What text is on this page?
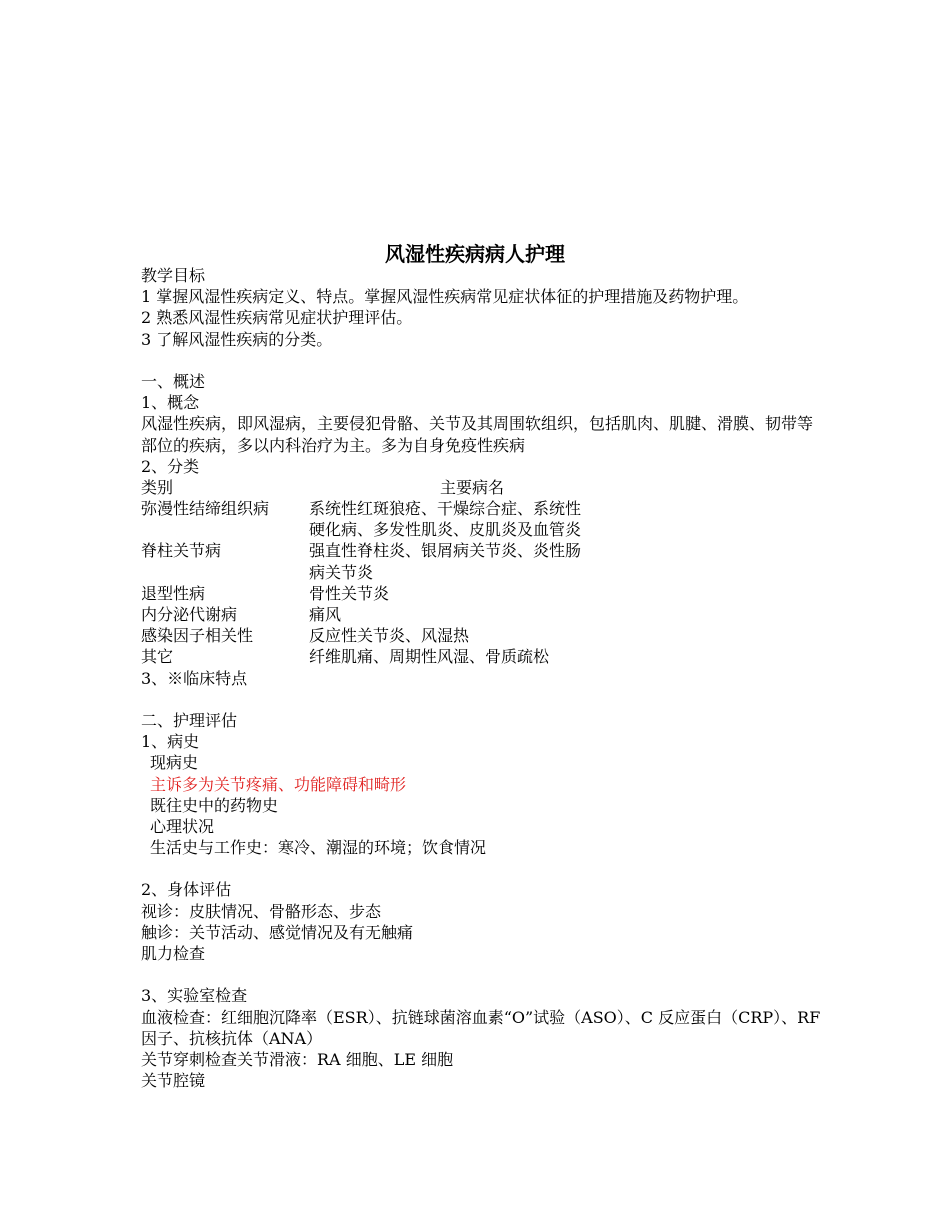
风湿性疾病病人护理
教学目标
1 掌握风湿性疾病定义、特点。掌握风湿性疾病常见症状体征的护理措施及药物护理。
2 熟悉风湿性疾病常见症状护理评估。
3 了解风湿性疾病的分类。
一、概述
1、概念
风湿性疾病，即风湿病，主要侵犯骨骼、关节及其周围软组织，包括肌肉、肌腱、滑膜、韧带等部位的疾病，多以内科治疗为主。多为自身免疫性疾病
2、分类
类别	主要病名
弥漫性结缔组织病	系统性红斑狼疮、干燥综合症、系统性
硬化病、多发性肌炎、皮肌炎及血管炎
脊柱关节病	强直性脊柱炎、银屑病关节炎、炎性肠
病关节炎
退型性病	骨性关节炎
内分泌代谢病	痛风
感染因子相关性	反应性关节炎、风湿热
其它	纤维肌痛、周期性风湿、骨质疏松
3、※临床特点
二、护理评估
1、病史
现病史
主诉多为关节疼痛、功能障碍和畸形
既往史中的药物史
心理状况
生活史与工作史：寒冷、潮湿的环境；饮食情况
2、身体评估
视诊：皮肤情况、骨骼形态、步态
触诊：关节活动、感觉情况及有无触痛
肌力检查
3、实验室检查
血液检查：红细胞沉降率（ESR）、抗链球菌溶血素“O”试验（ASO）、C 反应蛋白（CRP）、RF 因子、抗核抗体（ANA）
关节穿刺检查关节滑液：RA 细胞、LE 细胞
关节腔镜
